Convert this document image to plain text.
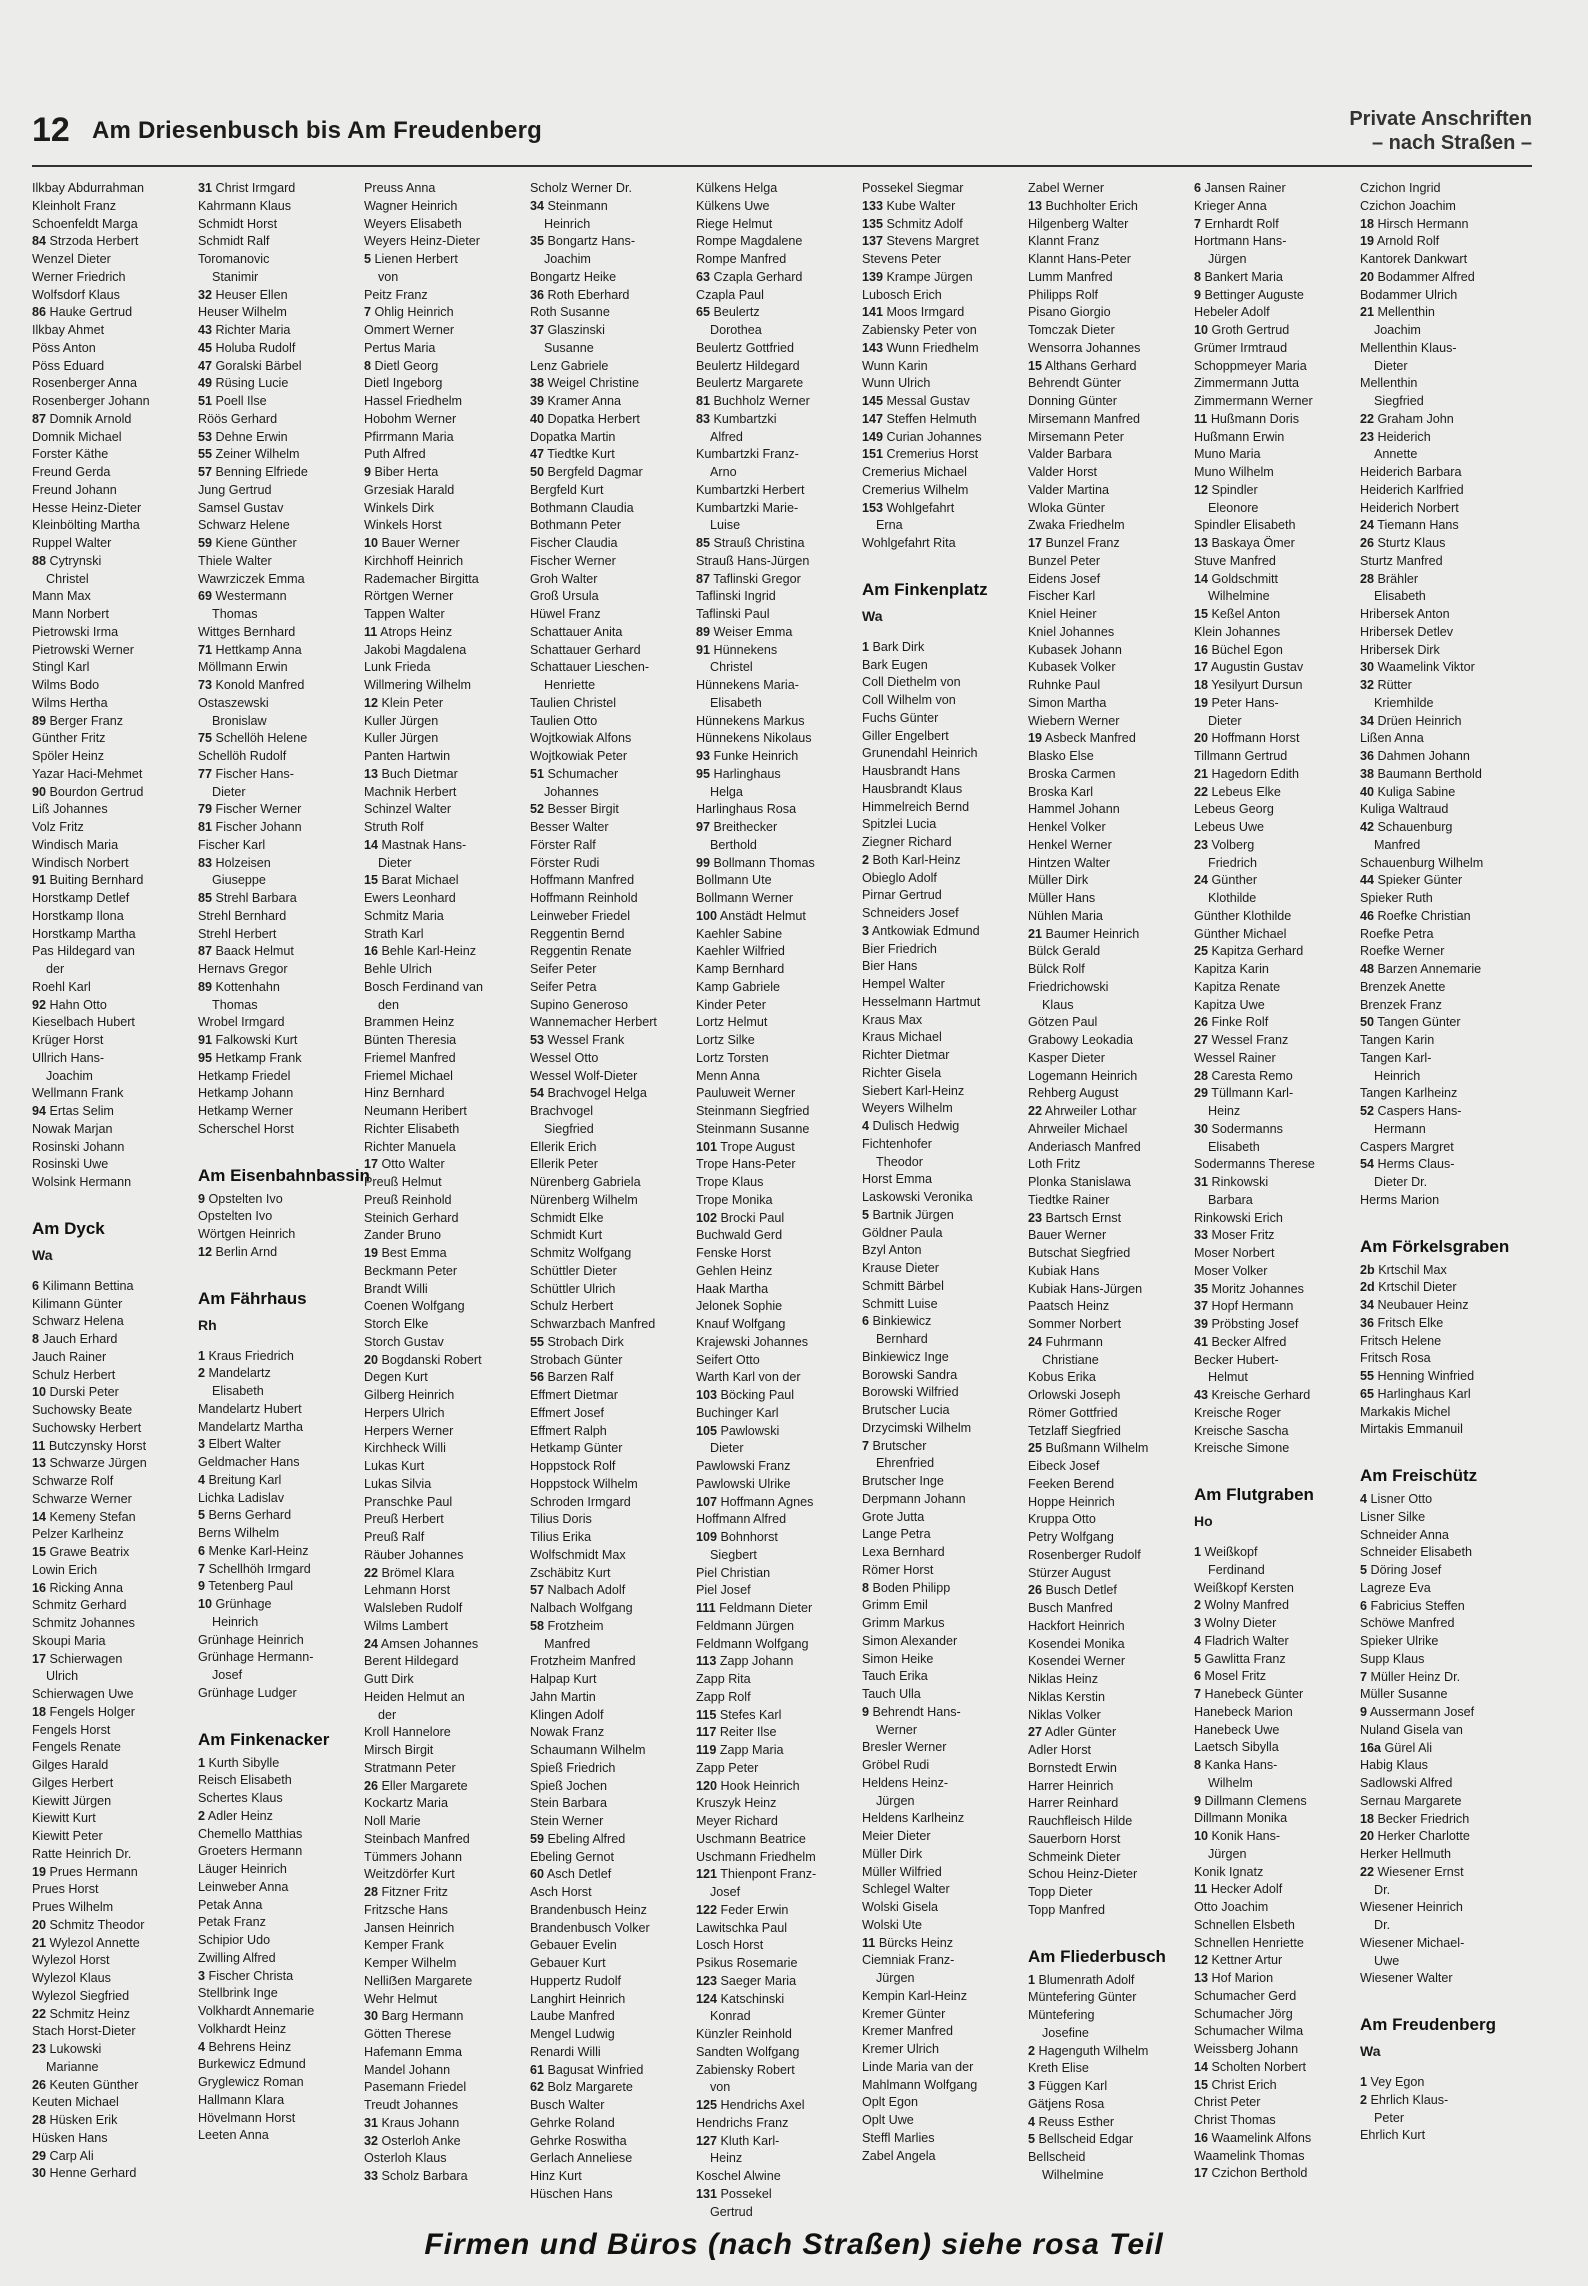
12 Am Driesenbusch bis Am Freudenberg	Private Anschriften
– nach Straßen –
Ilkbay Abdurrahman
Kleinholt Franz
Schoenfeldt Marga
84 Strzoda Herbert
Wenzel Dieter
Werner Friedrich
Wolfsdorf Klaus
86 Hauke Gertrud
Ilkbay Ahmet
Pöss Anton
Pöss Eduard
Rosenberger Anna
Rosenberger Johann
87 Domnik Arnold
Domnik Michael
Forster Käthe
Freund Gerda
Freund Johann
Hesse Heinz-Dieter
Kleinbölting Martha
Ruppel Walter
88 Cytrynski
Christel
Mann Max
Mann Norbert
Pietrowski Irma
Pietrowski Werner
Stingl Karl
Wilms Bodo
Wilms Hertha
89 Berger Franz
Günther Fritz
Spöler Heinz
Yazar Haci-Mehmet
90 Bourdon Gertrud
Liß Johannes
Volz Fritz
Windisch Maria
Windisch Norbert
91 Buiting Bernhard
Horstkamp Detlef
Horstkamp Ilona
Horstkamp Martha
Pas Hildegard van
der
Roehl Karl
92 Hahn Otto
Kieselbach Hubert
Krüger Horst
Ullrich Hans-
Joachim
Wellmann Frank
94 Ertas Selim
Nowak Marjan
Rosinski Johann
Rosinski Uwe
Wolsink Hermann
Am Dyck
Wa
6 Kilimann Bettina
Kilimann Günter
Schwarz Helena
8 Jauch Erhard
Jauch Rainer
Schulz Herbert
10 Durski Peter
Suchowsky Beate
Suchowsky Herbert
11 Butczynsky Horst
13 Schwarze Jürgen
Schwarze Rolf
Schwarze Werner
14 Kemeny Stefan
Pelzer Karlheinz
15 Grawe Beatrix
Lowin Erich
16 Ricking Anna
Schmitz Gerhard
Schmitz Johannes
Skoupi Maria
17 Schierwagen
Ulrich
Schierwagen Uwe
18 Fengels Holger
Fengels Horst
Fengels Renate
Gilges Harald
Gilges Herbert
Kiewitt Jürgen
Kiewitt Kurt
Kiewitt Peter
Ratte Heinrich Dr.
19 Prues Hermann
Prues Horst
Prues Wilhelm
20 Schmitz Theodor
21 Wylezol Annette
Wylezol Horst
Wylezol Klaus
Wylezol Siegfried
22 Schmitz Heinz
Stach Horst-Dieter
23 Lukowski
Marianne
26 Keuten Günther
Keuten Michael
28 Hüsken Erik
Hüsken Hans
29 Carp Ali
30 Henne Gerhard
31 Christ Irmgard
Kahrmann Klaus
Schmidt Horst
Schmidt Ralf
Toromanovic
Stanimir
32 Heuser Ellen
Heuser Wilhelm
43 Richter Maria
45 Holuba Rudolf
47 Goralski Bärbel
49 Rüsing Lucie
51 Poell Ilse
Röös Gerhard
53 Dehne Erwin
55 Zeiner Wilhelm
57 Benning Elfriede
Jung Gertrud
Samsel Gustav
Schwarz Helene
59 Kiene Günther
Thiele Walter
Wawrziczek Emma
69 Westermann
Thomas
Wittges Bernhard
71 Hettkamp Anna
Möllmann Erwin
73 Konold Manfred
Ostaszewski
Bronislaw
75 Schellöh Helene
Schellöh Rudolf
77 Fischer Hans-
Dieter
79 Fischer Werner
81 Fischer Johann
Fischer Karl
83 Holzeisen
Giuseppe
85 Strehl Barbara
Strehl Bernhard
Strehl Herbert
87 Baack Helmut
Hernavs Gregor
89 Kottenhahn
Thomas
Wrobel Irmgard
91 Falkowski Kurt
95 Hetkamp Frank
Hetkamp Friedel
Hetkamp Johann
Hetkamp Werner
Scherschel Horst
Am Eisenbahnbassin
9 Opstelten Ivo
Opstelten Ivo
Wörtgen Heinrich
12 Berlin Arnd
Am Fährhaus
Rh
1 Kraus Friedrich
2 Mandelartz
Elisabeth
Mandelartz Hubert
Mandelartz Martha
3 Elbert Walter
Geldmacher Hans
4 Breitung Karl
Lichka Ladislav
5 Berns Gerhard
Berns Wilhelm
6 Menke Karl-Heinz
7 Schellhöh Irmgard
9 Tetenberg Paul
10 Grünhage
Heinrich
Grünhage Heinrich
Grünhage Hermann-
Josef
Grünhage Ludger
Am Finkenacker
1 Kurth Sibylle
Reisch Elisabeth
Schertes Klaus
2 Adler Heinz
Chemello Matthias
Groeters Hermann
Läuger Heinrich
Leinweber Anna
Petak Anna
Petak Franz
Schipior Udo
Zwilling Alfred
3 Fischer Christa
Stellbrink Inge
Volkhardt Annemarie
Volkhardt Heinz
4 Behrens Heinz
Burkewicz Edmund
Gryglewicz Roman
Hallmann Klara
Hövelmann Horst
Leeten Anna
Preuss Anna
Wagner Heinrich
Weyers Elisabeth
Weyers Heinz-Dieter
5 Lienen Herbert
von
Peitz Franz
7 Ohlig Heinrich
Ommert Werner
Pertus Maria
8 Dietl Georg
Dietl Ingeborg
Hassel Friedhelm
Hobohm Werner
Pfirrmann Maria
Puth Alfred
9 Biber Herta
Grzesiak Harald
Winkels Dirk
Winkels Horst
10 Bauer Werner
Kirchhoff Heinrich
Rademacher Birgitta
Rörtgen Werner
Tappen Walter
11 Atrops Heinz
Jakobi Magdalena
Lunk Frieda
Willmering Wilhelm
12 Klein Peter
Kuller Jürgen
Kuller Jürgen
Panten Hartwin
13 Buch Dietmar
Machnik Herbert
Schinzel Walter
Struth Rolf
14 Mastnak Hans-
Dieter
15 Barat Michael
Ewers Leonhard
Schmitz Maria
Strath Karl
16 Behle Karl-Heinz
Behle Ulrich
Bosch Ferdinand van
den
Brammen Heinz
Bünten Theresia
Friemel Manfred
Friemel Michael
Hinz Bernhard
Neumann Heribert
Richter Elisabeth
Richter Manuela
17 Otto Walter
Preuß Helmut
Preuß Reinhold
Steinich Gerhard
Zander Bruno
19 Best Emma
Beckmann Peter
Brandt Willi
Coenen Wolfgang
Storch Elke
Storch Gustav
20 Bogdanski Robert
Degen Kurt
Gilberg Heinrich
Herpers Ulrich
Herpers Werner
Kirchheck Willi
Lukas Kurt
Lukas Silvia
Pranschke Paul
Preuß Herbert
Preuß Ralf
Räuber Johannes
22 Brömel Klara
Lehmann Horst
Walsleben Rudolf
Wilms Lambert
24 Amsen Johannes
Berent Hildegard
Gutt Dirk
Heiden Helmut an
der
Kroll Hannelore
Mirsch Birgit
Stratmann Peter
26 Eller Margarete
Kockartz Maria
Noll Marie
Steinbach Manfred
Tümmers Johann
Weitzdörfer Kurt
28 Fitzner Fritz
Fritzsche Hans
Jansen Heinrich
Kemper Frank
Kemper Wilhelm
Nelliẞen Margarete
Wehr Helmut
30 Barg Hermann
Götten Therese
Hafemann Emma
Mandel Johann
Pasemann Friedel
Treudt Johannes
31 Kraus Johann
32 Osterloh Anke
Osterloh Klaus
33 Scholz Barbara
Scholz Werner Dr.
34 Steinmann
Heinrich
35 Bongartz Hans-
Joachim
Bongartz Heike
36 Roth Eberhard
Roth Susanne
37 Glaszinski
Susanne
Lenz Gabriele
38 Weigel Christine
39 Kramer Anna
40 Dopatka Herbert
Dopatka Martin
47 Tiedtke Kurt
50 Bergfeld Dagmar
Bergfeld Kurt
Bothmann Claudia
Bothmann Peter
Fischer Claudia
Fischer Werner
Groh Walter
Groß Ursula
Hüwel Franz
Schattauer Anita
Schattauer Gerhard
Schattauer Lieschen-
Henriette
Taulien Christel
Taulien Otto
Wojtkowiak Alfons
Wojtkowiak Peter
51 Schumacher
Johannes
52 Besser Birgit
Besser Walter
Förster Ralf
Förster Rudi
Hoffmann Manfred
Hoffmann Reinhold
Leinweber Friedel
Reggentin Bernd
Reggentin Renate
Seifer Peter
Seifer Petra
Supino Generoso
Wannemacher Herbert
53 Wessel Frank
Wessel Otto
Wessel Wolf-Dieter
54 Brachvogel Helga
Brachvogel
Siegfried
Ellerik Erich
Ellerik Peter
Nürenberg Gabriela
Nürenberg Wilhelm
Schmidt Elke
Schmidt Kurt
Schmitz Wolfgang
Schüttler Dieter
Schüttler Ulrich
Schulz Herbert
Schwarzbach Manfred
55 Strobach Dirk
Strobach Günter
56 Barzen Ralf
Effmert Dietmar
Effmert Josef
Effmert Ralph
Hetkamp Günter
Hoppstock Rolf
Hoppstock Wilhelm
Schroden Irmgard
Tilius Doris
Tilius Erika
Wolfschmidt Max
Zschäbitz Kurt
57 Nalbach Adolf
Nalbach Wolfgang
58 Frotzheim
Manfred
Frotzheim Manfred
Halpap Kurt
Jahn Martin
Klingen Adolf
Nowak Franz
Schaumann Wilhelm
Spieß Friedrich
Spieß Jochen
Stein Barbara
Stein Werner
59 Ebeling Alfred
Ebeling Gernot
60 Asch Detlef
Asch Horst
Brandenbusch Heinz
Brandenbusch Volker
Gebauer Evelin
Gebauer Kurt
Huppertz Rudolf
Langhirt Heinrich
Laube Manfred
Mengel Ludwig
Renardi Willi
61 Bagusat Winfried
62 Bolz Margarete
Busch Walter
Gehrke Roland
Gehrke Roswitha
Gerlach Anneliese
Hinz Kurt
Hüschen Hans
Külkens Helga
Külkens Uwe
Riege Helmut
Rompe Magdalene
Rompe Manfred
63 Czapla Gerhard
Czapla Paul
65 Beulertz
Dorothea
Beulertz Gottfried
Beulertz Hildegard
Beulertz Margarete
81 Buchholz Werner
83 Kumbartzki
Alfred
Kumbartzki Franz-
Arno
Kumbartzki Herbert
Kumbartzki Marie-
Luise
85 Strauß Christina
Strauß Hans-Jürgen
87 Taflinski Gregor
Taflinski Ingrid
Taflinski Paul
89 Weiser Emma
91 Hünnekens
Christel
Hünnekens Maria-
Elisabeth
Hünnekens Markus
Hünnekens Nikolaus
93 Funke Heinrich
95 Harlinghaus
Helga
Harlinghaus Rosa
97 Breithecker
Berthold
99 Bollmann Thomas
Bollmann Ute
Bollmann Werner
100 Anstädt Helmut
Kaehler Sabine
Kaehler Wilfried
Kamp Bernhard
Kamp Gabriele
Kinder Peter
Lortz Helmut
Lortz Silke
Lortz Torsten
Menn Anna
Pauluweit Werner
Steinmann Siegfried
Steinmann Susanne
101 Trope August
Trope Hans-Peter
Trope Klaus
Trope Monika
102 Brocki Paul
Buchwald Gerd
Fenske Horst
Gehlen Heinz
Haak Martha
Jelonek Sophie
Knauf Wolfgang
Krajewski Johannes
Seifert Otto
Warth Karl von der
103 Böcking Paul
Buchinger Karl
105 Pawlowski
Dieter
Pawlowski Franz
Pawlowski Ulrike
107 Hoffmann Agnes
Hoffmann Alfred
109 Bohnhorst
Siegbert
Piel Christian
Piel Josef
111 Feldmann Dieter
Feldmann Jürgen
Feldmann Wolfgang
113 Zapp Johann
Zapp Rita
Zapp Rolf
115 Stefes Karl
117 Reiter Ilse
119 Zapp Maria
Zapp Peter
120 Hook Heinrich
Kruszyk Heinz
Meyer Richard
Uschmann Beatrice
Uschmann Friedhelm
121 Thienpont Franz-
Josef
122 Feder Erwin
Lawitschka Paul
Losch Horst
Psikus Rosemarie
123 Saeger Maria
124 Katschinski
Konrad
Künzler Reinhold
Sandten Wolfgang
Zabiensky Robert
von
125 Hendrichs Axel
Hendrichs Franz
127 Kluth Karl-
Heinz
Koschel Alwine
131 Possekel
Gertrud
Possekel Siegmar
133 Kube Walter
135 Schmitz Adolf
137 Stevens Margret
Stevens Peter
139 Krampe Jürgen
Lubosch Erich
141 Moos Irmgard
Zabiensky Peter von
143 Wunn Friedhelm
Wunn Karin
Wunn Ulrich
145 Messal Gustav
147 Steffen Helmuth
149 Curian Johannes
151 Cremerius Horst
Cremerius Michael
Cremerius Wilhelm
153 Wohlgefahrt
Erna
Wohlgefahrt Rita
Am Finkenplatz
Wa
1 Bark Dirk
Bark Eugen
Coll Diethelm von
Coll Wilhelm von
Fuchs Günter
Giller Engelbert
Grunendahl Heinrich
Hausbrandt Hans
Hausbrandt Klaus
Himmelreich Bernd
Spitzlei Lucia
Ziegner Richard
2 Both Karl-Heinz
Obieglo Adolf
Pirnar Gertrud
Schneiders Josef
3 Antkowiak Edmund
Bier Friedrich
Bier Hans
Hempel Walter
Hesselmann Hartmut
Kraus Max
Kraus Michael
Richter Dietmar
Richter Gisela
Siebert Karl-Heinz
Weyers Wilhelm
4 Dulisch Hedwig
Fichtenhofer
Theodor
Horst Emma
Laskowski Veronika
5 Bartnik Jürgen
Göldner Paula
Bzyl Anton
Krause Dieter
Schmitt Bärbel
Schmitt Luise
6 Binkiewicz
Bernhard
Binkiewicz Inge
Borowski Sandra
Borowski Wilfried
Brutscher Lucia
Drzycimski Wilhelm
7 Brutscher
Ehrenfried
Brutscher Inge
Derpmann Johann
Grote Jutta
Lange Petra
Lexa Bernhard
Römer Horst
8 Boden Philipp
Grimm Emil
Grimm Markus
Simon Alexander
Simon Heike
Tauch Erika
Tauch Ulla
9 Behrendt Hans-
Werner
Bresler Werner
Gröbel Rudi
Heldens Heinz-
Jürgen
Heldens Karlheinz
Meier Dieter
Müller Dirk
Müller Wilfried
Schlegel Walter
Wolski Gisela
Wolski Ute
11 Bürcks Heinz
Ciemniak Franz-
Jürgen
Kempin Karl-Heinz
Kremer Günter
Kremer Manfred
Kremer Ulrich
Linde Maria van der
Mahlmann Wolfgang
Oplt Egon
Oplt Uwe
Steffl Marlies
Zabel Angela
Zabel Werner
13 Buchholter Erich
Hilgenberg Walter
Klannt Franz
Klannt Hans-Peter
Lumm Manfred
Philipps Rolf
Pisano Giorgio
Tomczak Dieter
Wensorra Johannes
15 Althans Gerhard
Behrendt Günter
Donning Günter
Mirsemann Manfred
Mirsemann Peter
Valder Barbara
Valder Horst
Valder Martina
Wloka Günter
Zwaka Friedhelm
17 Bunzel Franz
Bunzel Peter
Eidens Josef
Fischer Karl
Kniel Heiner
Kniel Johannes
Kubasek Johann
Kubasek Volker
Ruhnke Paul
Simon Martha
Wiebern Werner
19 Asbeck Manfred
Blasko Else
Broska Carmen
Broska Karl
Hammel Johann
Henkel Volker
Henkel Werner
Hintzen Walter
Müller Dirk
Müller Hans
Nühlen Maria
21 Baumer Heinrich
Bülck Gerald
Bülck Rolf
Friedrichowski
Klaus
Götzen Paul
Grabowy Leokadia
Kasper Dieter
Logemann Heinrich
Rehberg August
22 Ahrweiler Lothar
Ahrweiler Michael
Anderiasch Manfred
Loth Fritz
Plonka Stanislawa
Tiedtke Rainer
23 Bartsch Ernst
Bauer Werner
Butschat Siegfried
Kubiak Hans
Kubiak Hans-Jürgen
Paatsch Heinz
Sommer Norbert
24 Fuhrmann
Christiane
Kobus Erika
Orlowski Joseph
Römer Gottfried
Tetzlaff Siegfried
25 Bußmann Wilhelm
Eibeck Josef
Feeken Berend
Hoppe Heinrich
Kruppa Otto
Petry Wolfgang
Rosenberger Rudolf
Stürzer August
26 Busch Detlef
Busch Manfred
Hackfort Heinrich
Kosendei Monika
Kosendei Werner
Niklas Heinz
Niklas Kerstin
Niklas Volker
27 Adler Günter
Adler Horst
Bornstedt Erwin
Harrer Heinrich
Harrer Reinhard
Rauchfleisch Hilde
Sauerborn Horst
Schmeink Dieter
Schou Heinz-Dieter
Topp Dieter
Topp Manfred
Am Fliederbusch
1 Blumenrath Adolf
Müntefering Günter
Müntefering
Josefine
2 Hagenguth Wilhelm
Kreth Elise
3 Függen Karl
Gätjens Rosa
4 Reuss Esther
5 Bellscheid Edgar
Bellscheid
Wilhelmine
6 Jansen Rainer
Krieger Anna
7 Ernhardt Rolf
Hortmann Hans-
Jürgen
8 Bankert Maria
9 Bettinger Auguste
Hebeler Adolf
10 Groth Gertrud
Grümer Irmtraud
Schoppmeyer Maria
Zimmermann Jutta
Zimmermann Werner
11 Hußmann Doris
Hußmann Erwin
Muno Maria
Muno Wilhelm
12 Spindler
Eleonore
Spindler Elisabeth
13 Baskaya Ömer
Stuve Manfred
14 Goldschmitt
Wilhelmine
15 Keßel Anton
Klein Johannes
16 Büchel Egon
17 Augustin Gustav
18 Yesilyurt Dursun
19 Peter Hans-
Dieter
20 Hoffmann Horst
Tillmann Gertrud
21 Hagedorn Edith
22 Lebeus Elke
Lebeus Georg
Lebeus Uwe
23 Volberg
Friedrich
24 Günther
Klothilde
Günther Klothilde
Günther Michael
25 Kapitza Gerhard
Kapitza Karin
Kapitza Renate
Kapitza Uwe
26 Finke Rolf
27 Wessel Franz
Wessel Rainer
28 Caresta Remo
29 Tüllmann Karl-
Heinz
30 Sodermanns
Elisabeth
Sodermanns Therese
31 Rinkowski
Barbara
Rinkowski Erich
33 Moser Fritz
Moser Norbert
Moser Volker
35 Moritz Johannes
37 Hopf Hermann
39 Pröbsting Josef
41 Becker Alfred
Becker Hubert-
Helmut
43 Kreische Gerhard
Kreische Roger
Kreische Sascha
Kreische Simone
Am Flutgraben
Ho
1 Weißkopf
Ferdinand
Weißkopf Kersten
2 Wolny Manfred
3 Wolny Dieter
4 Fladrich Walter
5 Gawlitta Franz
6 Mosel Fritz
7 Hanebeck Günter
Hanebeck Marion
Hanebeck Uwe
Laetsch Sibylla
8 Kanka Hans-
Wilhelm
9 Dillmann Clemens
Dillmann Monika
10 Konik Hans-
Jürgen
Konik Ignatz
11 Hecker Adolf
Otto Joachim
Schnellen Elsbeth
Schnellen Henriette
12 Kettner Artur
13 Hof Marion
Schumacher Gerd
Schumacher Jörg
Schumacher Wilma
Weissberg Johann
14 Scholten Norbert
15 Christ Erich
Christ Peter
Christ Thomas
16 Waamelink Alfons
Waamelink Thomas
17 Czichon Berthold
Czichon Ingrid
Czichon Joachim
18 Hirsch Hermann
19 Arnold Rolf
Kantorek Dankwart
20 Bodammer Alfred
Bodammer Ulrich
21 Mellenthin
Joachim
Mellenthin Klaus-
Dieter
Mellenthin
Siegfried
22 Graham John
23 Heiderich
Annette
Heiderich Barbara
Heiderich Karlfried
Heiderich Norbert
24 Tiemann Hans
26 Sturtz Klaus
Sturtz Manfred
28 Brähler
Elisabeth
Hribersek Anton
Hribersek Detlev
Hribersek Dirk
30 Waamelink Viktor
32 Rütter
Kriemhilde
34 Drüen Heinrich
Lißen Anna
36 Dahmen Johann
38 Baumann Berthold
40 Kuliga Sabine
Kuliga Waltraud
42 Schauenburg
Manfred
Schauenburg Wilhelm
44 Spieker Günter
Spieker Ruth
46 Roefke Christian
Roefke Petra
Roefke Werner
48 Barzen Annemarie
Brenzek Anette
Brenzek Franz
50 Tangen Günter
Tangen Karin
Tangen Karl-
Heinrich
Tangen Karlheinz
52 Caspers Hans-
Hermann
Caspers Margret
54 Herms Claus-
Dieter Dr.
Herms Marion
Am Förkelsgraben
2b Krtschil Max
2d Krtschil Dieter
34 Neubauer Heinz
36 Fritsch Elke
Fritsch Helene
Fritsch Rosa
55 Henning Winfried
65 Harlinghaus Karl
Markakis Michel
Mirtakis Emmanuil
Am Freischütz
4 Lisner Otto
Lisner Silke
Schneider Anna
Schneider Elisabeth
5 Döring Josef
Lagreze Eva
6 Fabricius Steffen
Schöwe Manfred
Spieker Ulrike
Supp Klaus
7 Müller Heinz Dr.
Müller Susanne
9 Aussermann Josef
Nuland Gisela van
16a Gürel Ali
Habig Klaus
Sadlowski Alfred
Sernau Margarete
18 Becker Friedrich
20 Herker Charlotte
Herker Hellmuth
22 Wiesener Ernst
Dr.
Wiesener Heinrich
Dr.
Wiesener Michael-
Uwe
Wiesener Walter
Am Freudenberg
Wa
1 Vey Egon
2 Ehrlich Klaus-
Peter
Ehrlich Kurt
Firmen und Büros (nach Straßen) siehe rosa Teil
